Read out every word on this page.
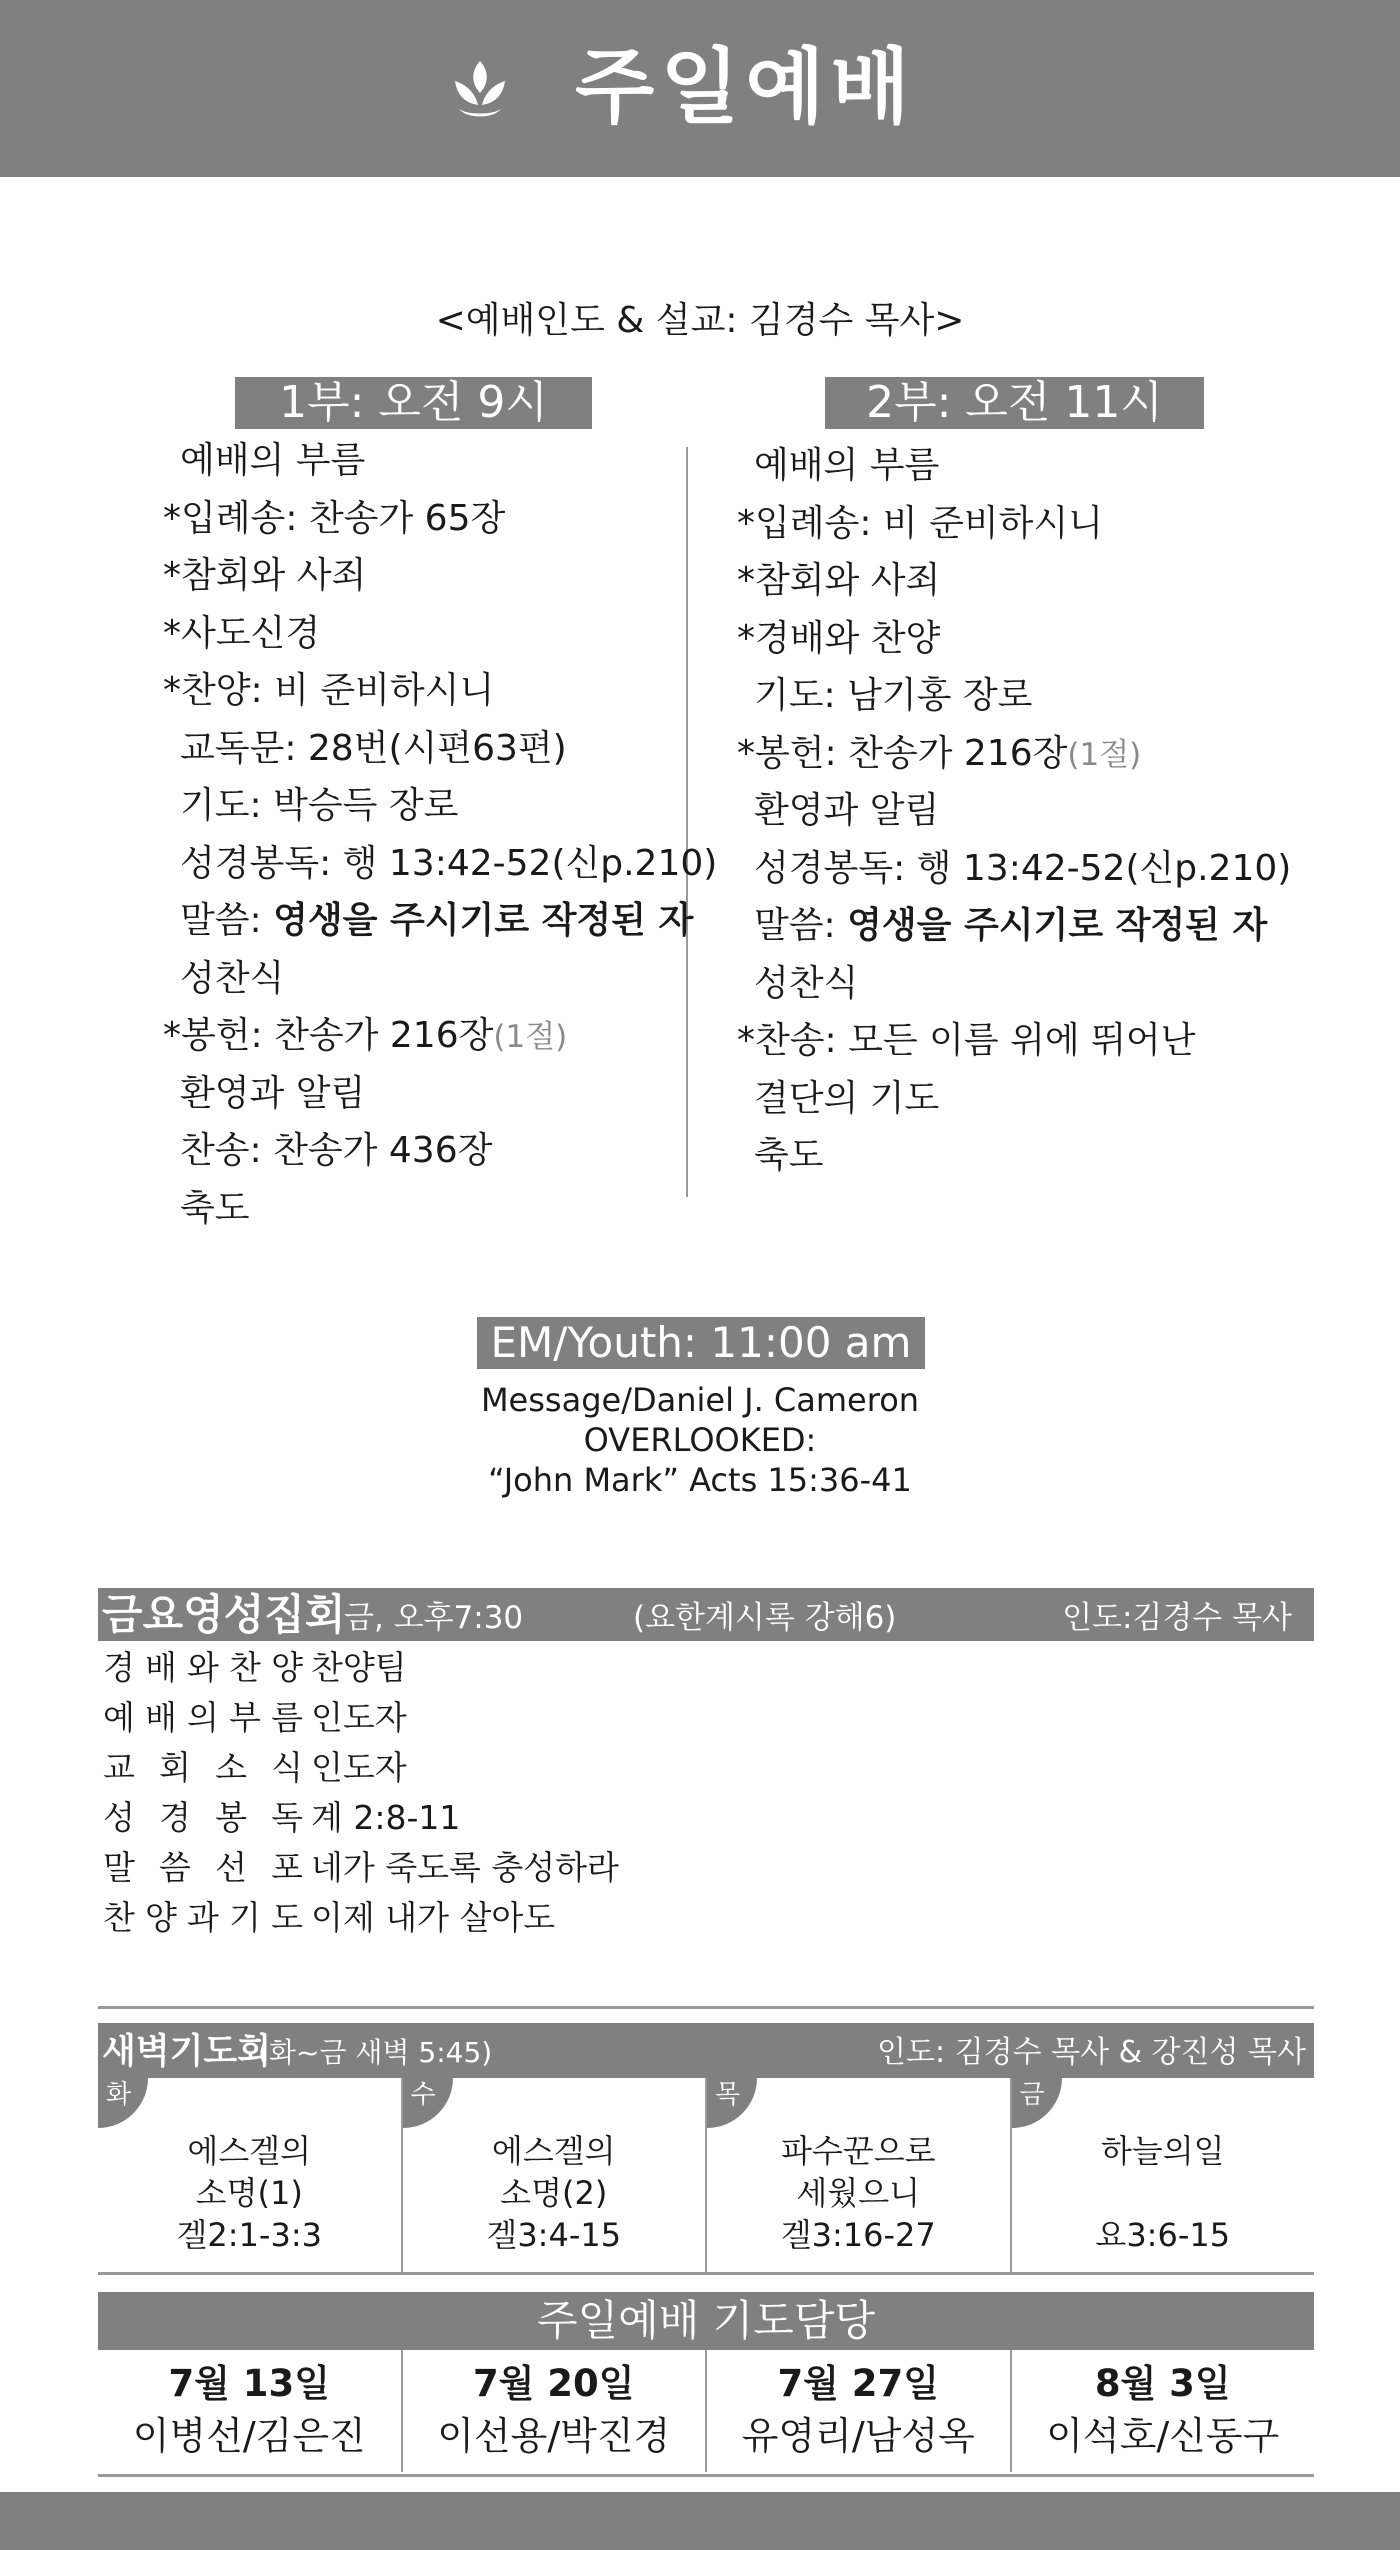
주일예배
<예배인도 & 설교: 김경수 목사>
1부: 오전 9시	2부: 오전 11시
예배의 부름
*입례송: 찬송가 65장
*참회와 사죄
*사도신경
*찬양: 비 준비하시니
교독문: 28번(시편63편)
기도: 박승득 장로
성경봉독: 행 13:42-52(신p.210)
말씀: 영생을 주시기로 작정된 자
성찬식
*봉헌: 찬송가 216장(1절)
환영과 알림
찬송: 찬송가 436장
축도
예배의 부름
*입례송: 비 준비하시니
*참회와 사죄
*경배와 찬양
기도: 남기홍 장로
*봉헌: 찬송가 216장(1절)
환영과 알림
성경봉독: 행 13:42-52(신p.210)
말씀: 영생을 주시기로 작정된 자
성찬식
*찬송: 모든 이름 위에 뛰어난
결단의 기도
축도
EM/Youth: 11:00 am
Message/Daniel J. Cameron
OVERLOOKED:
“John Mark” Acts 15:36-41
금요영성집회
금, 오후7:30	(요한계시록 강해6)	인도:김경수 목사
경 배 와 찬 양 찬양팀
예 배 의 부 름 인도자
교 회 소 식 인도자
성 경 봉 독 계 2:8-11
말 씀 선 포 네가 죽도록 충성하라
찬 양 과 기 도 이제 내가 살아도
새벽기도회
(화~금 새벽 5:45)	인도: 김경수 목사 & 강진성 목사
화
에스겔의
소명(1)
겔2:1-3:3
수
에스겔의
소명(2)
겔3:4-15
목
파수꾼으로
세웠으니
겔3:16-27
금
하늘의일

요3:6-15
주일예배 기도담당
7월 13일
이병선/김은진
7월 20일
이선용/박진경
7월 27일
유영리/남성옥
8월 3일
이석호/신동구
